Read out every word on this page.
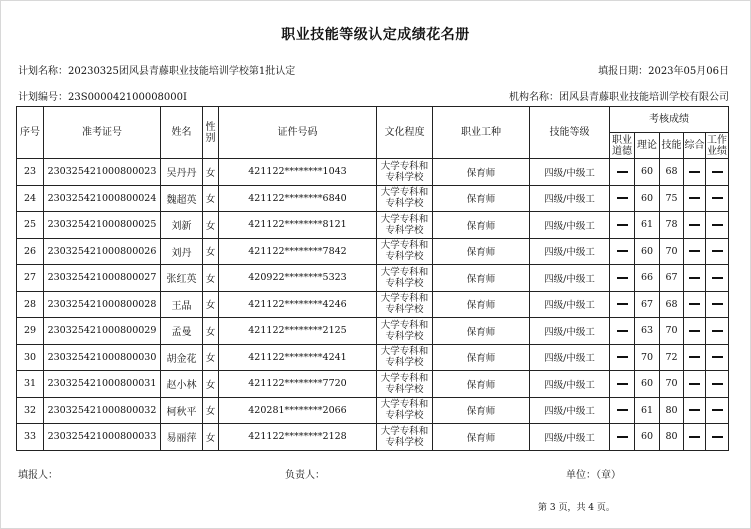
职业技能等级认定成绩花名册
计划名称：20230325团风县青藤职业技能培训学校第1批认定	填报日期：2023年05月06日
计划编号：23S000042100008000I	机构名称：团风县青藤职业技能培训学校有限公司
序号	准考证号	姓名	性别	证件号码	文化程度	职业工种	技能等级	考核成绩				
								职业道德	理论	技能	综合	工作业绩
23	230325421000800023	吴丹丹	女	421122********1043	大学专科和专科学校	保育师	四级/中级工		60	68		
24	230325421000800024	魏超英	女	421122********6840	大学专科和专科学校	保育师	四级/中级工		60	75		
25	230325421000800025	刘新	女	421122********8121	大学专科和专科学校	保育师	四级/中级工		61	78		
26	230325421000800026	刘丹	女	421122********7842	大学专科和专科学校	保育师	四级/中级工		60	70		
27	230325421000800027	张红英	女	420922********5323	大学专科和专科学校	保育师	四级/中级工		66	67		
28	230325421000800028	王晶	女	421122********4246	大学专科和专科学校	保育师	四级/中级工		67	68		
29	230325421000800029	孟曼	女	421122********2125	大学专科和专科学校	保育师	四级/中级工		63	70		
30	230325421000800030	胡金花	女	421122********4241	大学专科和专科学校	保育师	四级/中级工		70	72		
31	230325421000800031	赵小林	女	421122********7720	大学专科和专科学校	保育师	四级/中级工		60	70		
32	230325421000800032	柯秋平	女	420281********2066	大学专科和专科学校	保育师	四级/中级工		61	80		
33	230325421000800033	易丽萍	女	421122********2128	大学专科和专科学校	保育师	四级/中级工		60	80		
填报人：	负责人：	单位：（章）
第 3 页，共 4 页。
